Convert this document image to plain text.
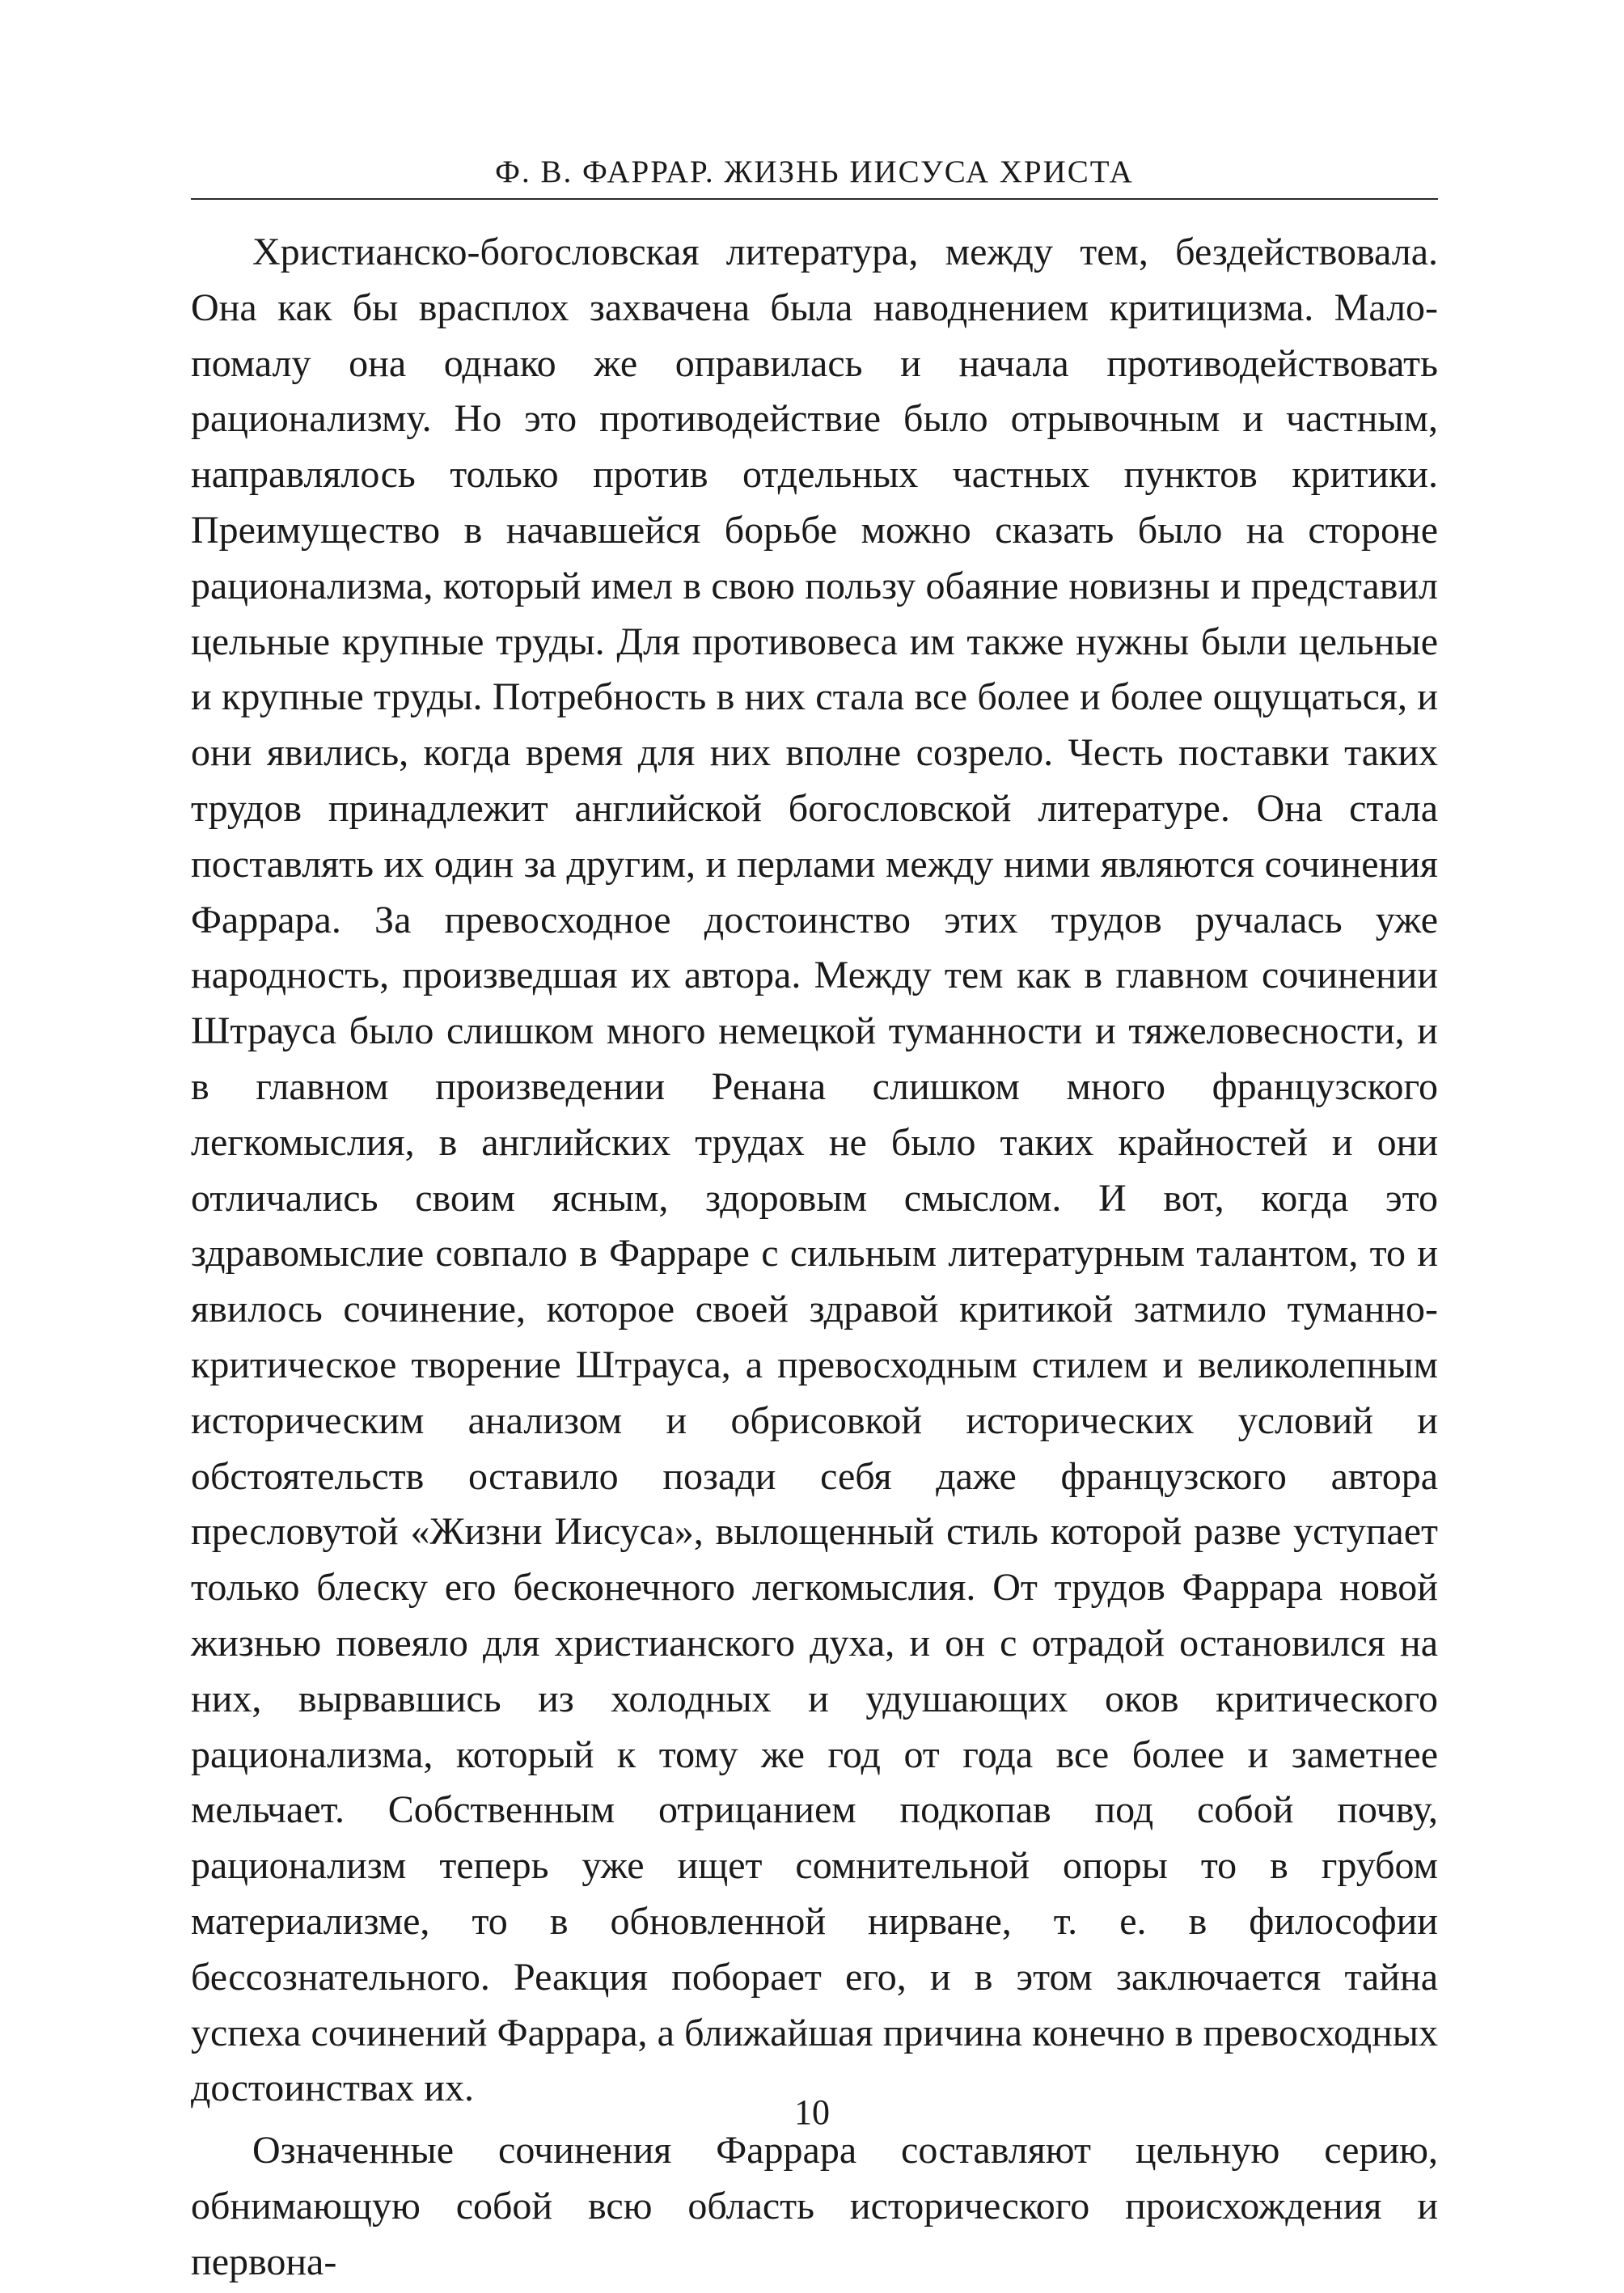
Ф. В. ФАРРАР. ЖИЗНЬ ИИСУСА ХРИСТА

Христианско-богословская литература, между тем, бездействовала. Она как бы врасплох захвачена была наводнением критицизма. Мало-помалу она однако же оправилась и начала противодействовать рационализму. Но это противодействие было отрывочным и частным, направлялось только против отдельных частных пунктов критики. Преимущество в начавшейся борьбе можно сказать было на стороне рационализма, который имел в свою пользу обаяние новизны и представил цельные крупные труды. Для противовеса им также нужны были цельные и крупные труды. Потребность в них стала все более и более ощущаться, и они явились, когда время для них вполне созрело. Честь поставки таких трудов принадлежит английской богословской литературе. Она стала поставлять их один за другим, и перлами между ними являются сочинения Фаррара. За превосходное достоинство этих трудов ручалась уже народность, произведшая их автора. Между тем как в главном сочинении Штрауса было слишком много немецкой туманности и тяжеловесности, и в главном произведении Ренана слишком много французского легкомыслия, в английских трудах не было таких крайностей и они отличались своим ясным, здоровым смыслом. И вот, когда это здравомыслие совпало в Фарраре с сильным литературным талантом, то и явилось сочинение, которое своей здравой критикой затмило туманно-критическое творение Штрауса, а превосходным стилем и великолепным историческим анализом и обрисовкой исторических условий и обстоятельств оставило позади себя даже французского автора пресловутой «Жизни Иисуса», вылощенный стиль которой разве уступает только блеску его бесконечного легкомыслия. От трудов Фаррара новой жизнью повеяло для христианского духа, и он с отрадой остановился на них, вырвавшись из холодных и удушающих оков критического рационализма, который к тому же год от года все более и заметнее мельчает. Собственным отрицанием подкопав под собой почву, рационализм теперь уже ищет сомнительной опоры то в грубом материализме, то в обновленной нирване, т. е. в философии бессознательного. Реакция поборает его, и в этом заключается тайна успеха сочинений Фаррара, а ближайшая причина конечно в превосходных достоинствах их.

Означенные сочинения Фаррара составляют цельную серию, обнимающую собой всю область исторического происхождения и первона-

10
